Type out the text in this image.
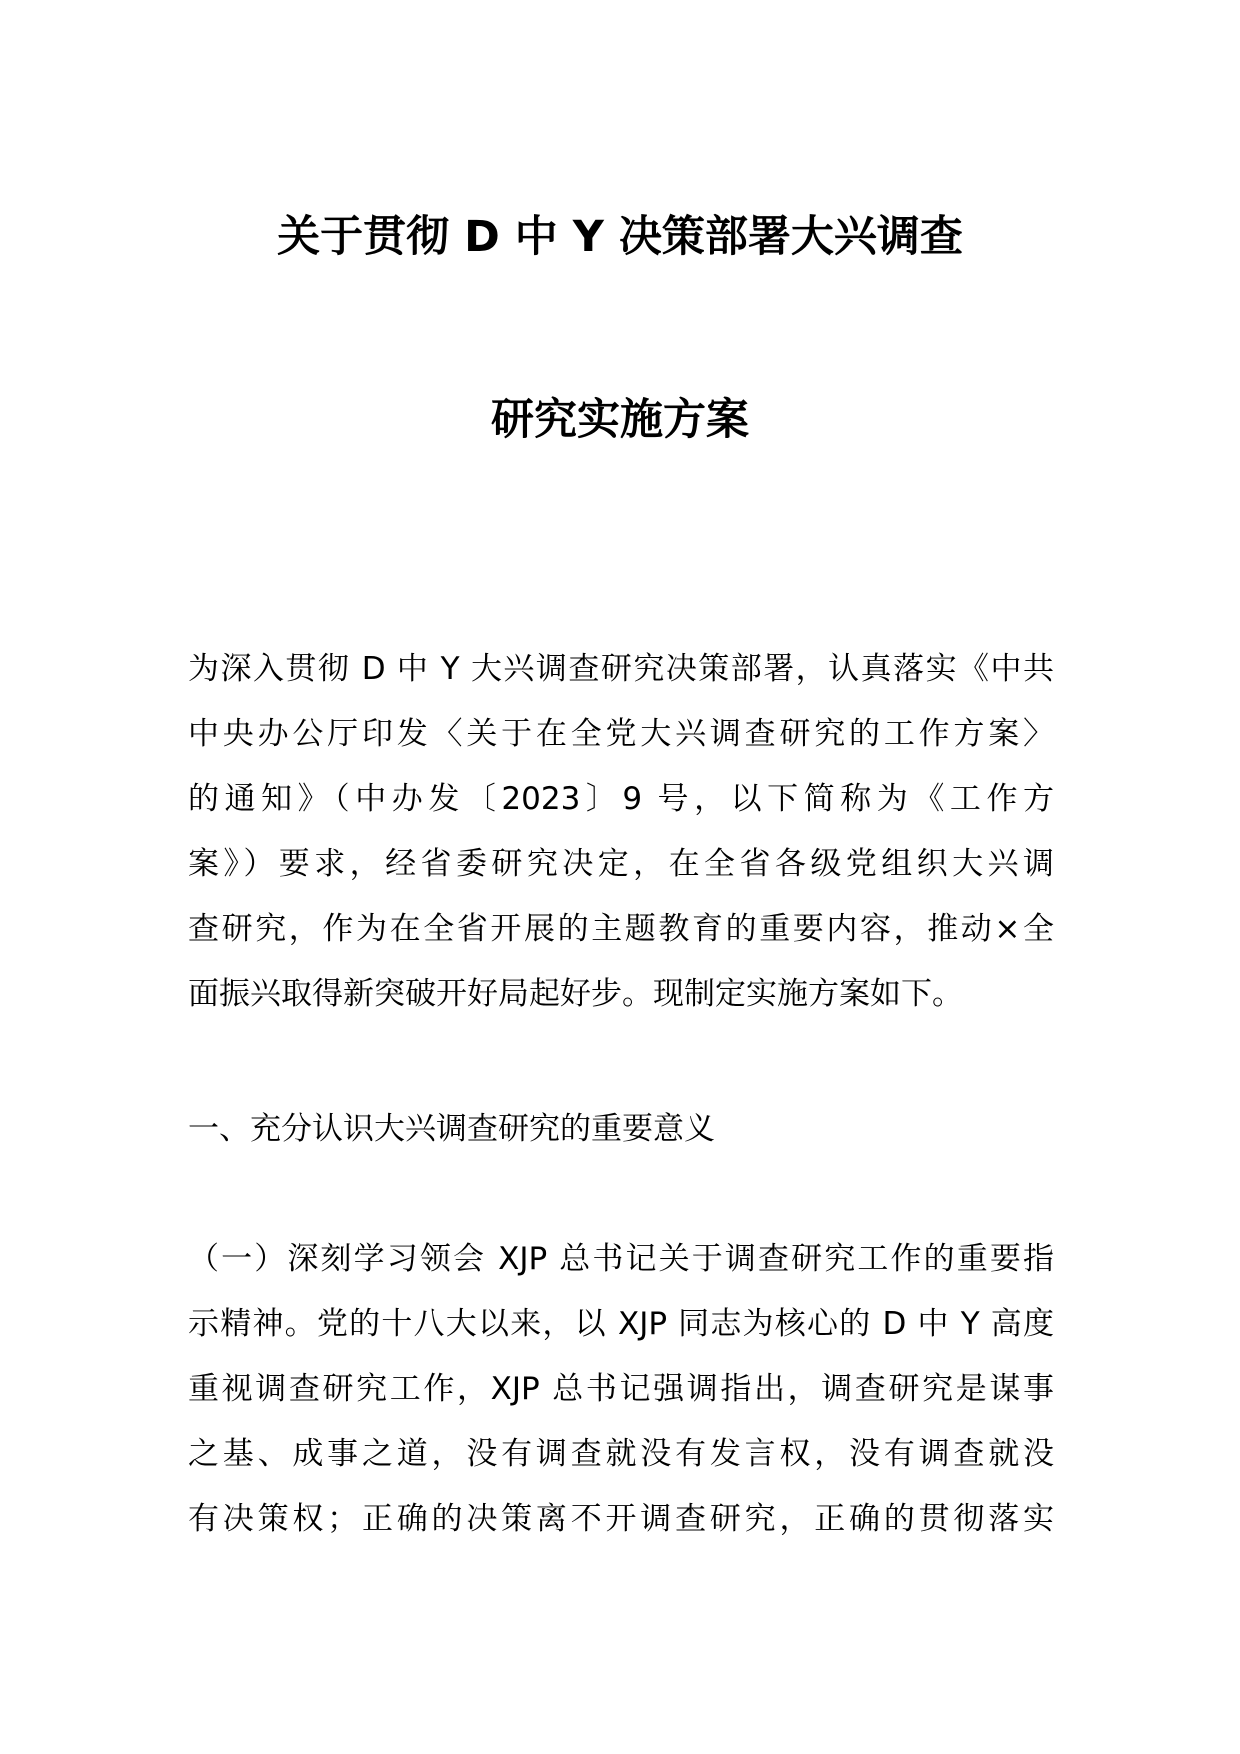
关于贯彻 D 中 Y 决策部署大兴调查
研究实施方案
为深入贯彻 D 中 Y 大兴调查研究决策部署，认真落实《中共
中央办公厅印发〈关于在全党大兴调查研究的工作方案〉
的通知》（中办发〔2023〕9 号，以下简称为《工作方
案》）要求，经省委研究决定，在全省各级党组织大兴调
查研究，作为在全省开展的主题教育的重要内容，推动×全
面振兴取得新突破开好局起好步。现制定实施方案如下。
一、充分认识大兴调查研究的重要意义
（一）深刻学习领会 XJP 总书记关于调查研究工作的重要指
示精神。党的十八大以来，以 XJP 同志为核心的 D 中 Y 高度
重视调查研究工作，XJP 总书记强调指出，调查研究是谋事
之基、成事之道，没有调查就没有发言权，没有调查就没
有决策权；正确的决策离不开调查研究，正确的贯彻落实
